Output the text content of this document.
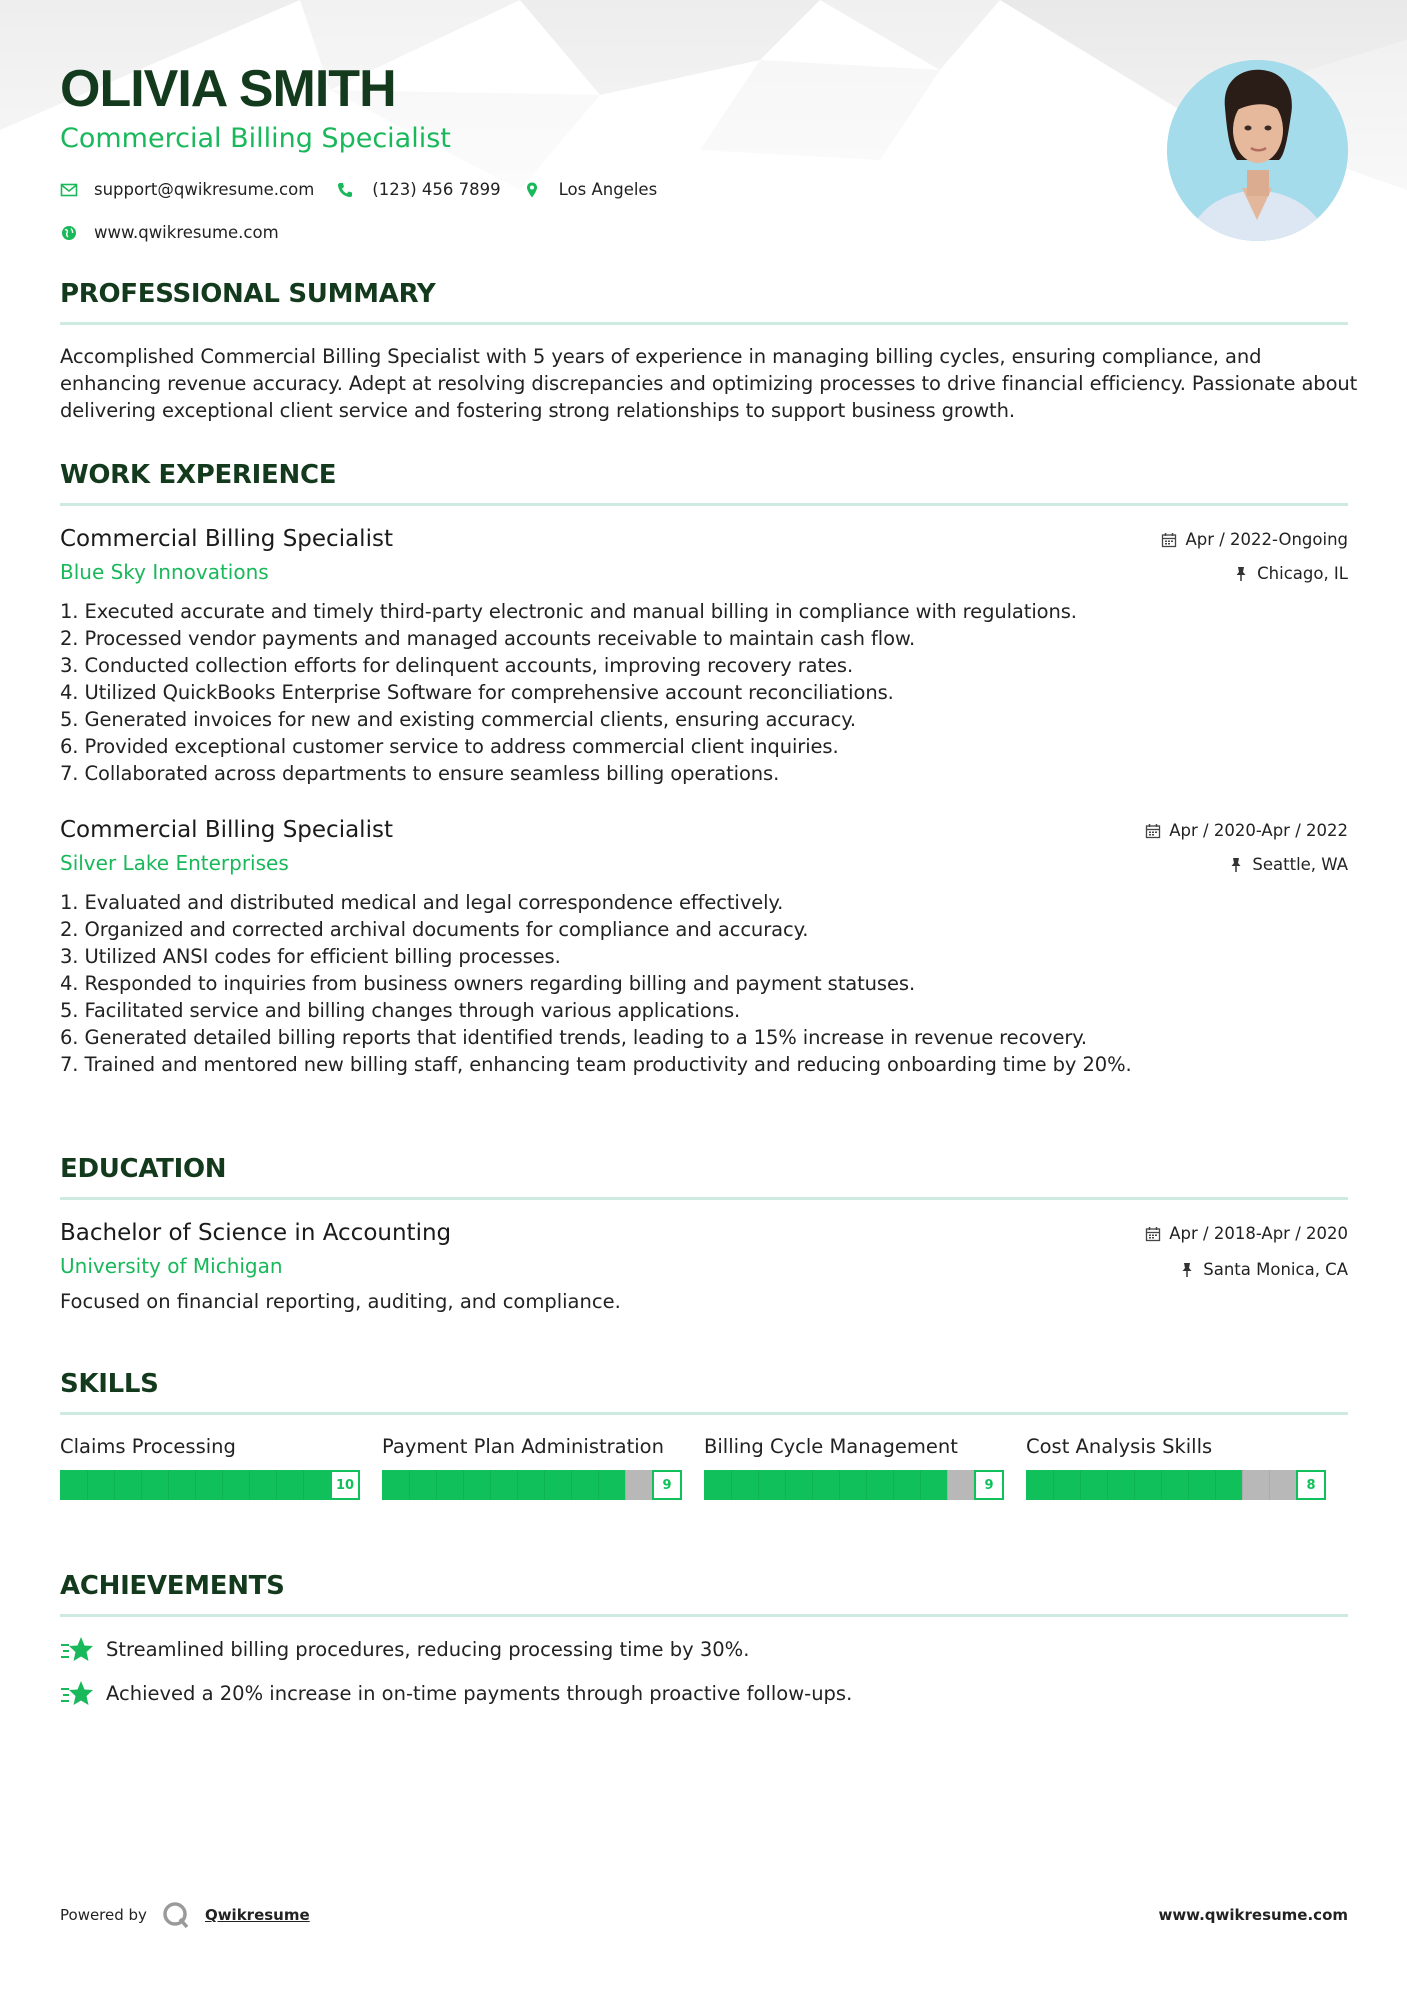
OLIVIA SMITH
Commercial Billing Specialist
support@qwikresume.com	(123) 456 7899	Los Angeles
www.qwikresume.com
PROFESSIONAL SUMMARY
Accomplished Commercial Billing Specialist with 5 years of experience in managing billing cycles, ensuring compliance, and enhancing revenue accuracy. Adept at resolving discrepancies and optimizing processes to drive financial efficiency. Passionate about delivering exceptional client service and fostering strong relationships to support business growth.
WORK EXPERIENCE
Commercial Billing Specialist
Blue Sky Innovations
Apr / 2022-Ongoing
Chicago, IL
1. Executed accurate and timely third-party electronic and manual billing in compliance with regulations.
2. Processed vendor payments and managed accounts receivable to maintain cash flow.
3. Conducted collection efforts for delinquent accounts, improving recovery rates.
4. Utilized QuickBooks Enterprise Software for comprehensive account reconciliations.
5. Generated invoices for new and existing commercial clients, ensuring accuracy.
6. Provided exceptional customer service to address commercial client inquiries.
7. Collaborated across departments to ensure seamless billing operations.
Commercial Billing Specialist
Silver Lake Enterprises
Apr / 2020-Apr / 2022
Seattle, WA
1. Evaluated and distributed medical and legal correspondence effectively.
2. Organized and corrected archival documents for compliance and accuracy.
3. Utilized ANSI codes for efficient billing processes.
4. Responded to inquiries from business owners regarding billing and payment statuses.
5. Facilitated service and billing changes through various applications.
6. Generated detailed billing reports that identified trends, leading to a 15% increase in revenue recovery.
7. Trained and mentored new billing staff, enhancing team productivity and reducing onboarding time by 20%.
EDUCATION
Bachelor of Science in Accounting
University of Michigan
Apr / 2018-Apr / 2020
Santa Monica, CA
Focused on financial reporting, auditing, and compliance.
SKILLS
Claims Processing
10
Payment Plan Administration
9
Billing Cycle Management
9
Cost Analysis Skills
8
ACHIEVEMENTS
Streamlined billing procedures, reducing processing time by 30%.
Achieved a 20% increase in on-time payments through proactive follow-ups.
Powered by	Qwikresume	www.qwikresume.com
